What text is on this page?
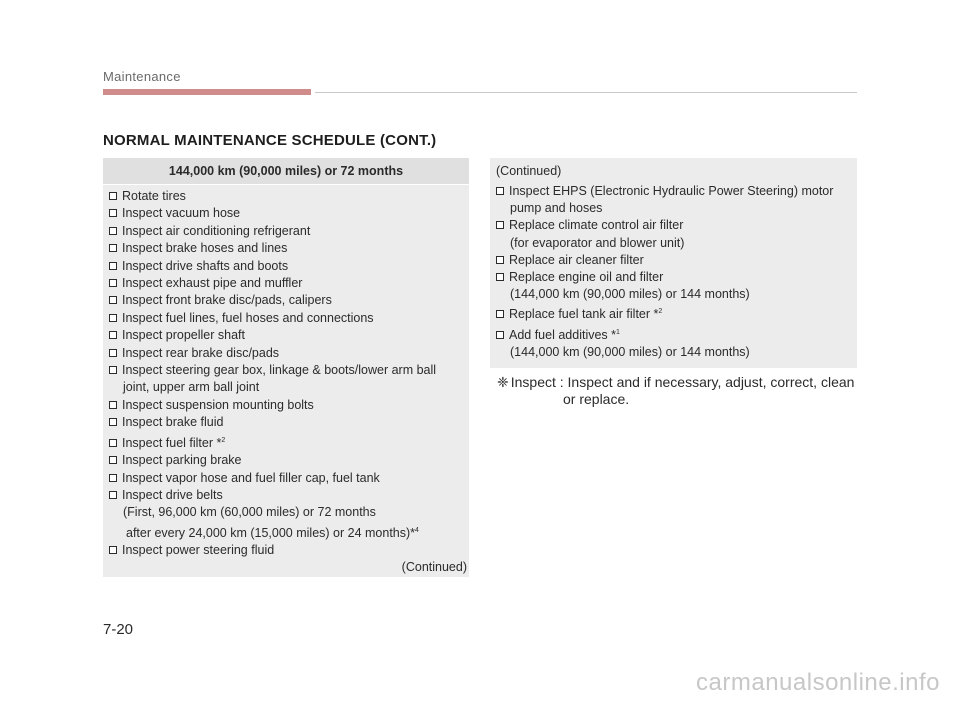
Maintenance
NORMAL MAINTENANCE SCHEDULE (CONT.)
144,000 km (90,000 miles) or 72 months
Rotate tires
Inspect vacuum hose
Inspect air conditioning refrigerant
Inspect brake hoses and lines
Inspect drive shafts and boots
Inspect exhaust pipe and muffler
Inspect front brake disc/pads, calipers
Inspect fuel lines, fuel hoses and connections
Inspect propeller shaft
Inspect rear brake disc/pads
Inspect steering gear box, linkage & boots/lower arm ball
joint, upper arm ball joint
Inspect suspension mounting bolts
Inspect brake fluid
Inspect fuel filter *$^2$
Inspect parking brake
Inspect vapor hose and fuel filler cap, fuel tank
Inspect drive belts
(First, 96,000 km (60,000 miles) or 72 months
after every 24,000 km (15,000 miles) or 24 months)*$^4$
Inspect power steering fluid
(Continued)
(Continued)
Inspect EHPS (Electronic Hydraulic Power Steering) motor
pump and hoses
Replace climate control air filter
(for evaporator and blower unit)
Replace air cleaner filter
Replace engine oil and filter
(144,000 km (90,000 miles) or 144 months)
Replace fuel tank air filter *$^2$
Add fuel additives *$^1$
(144,000 km (90,000 miles) or 144 months)
❈ Inspect : Inspect and if necessary, adjust, correct, clean
or replace.
7-20
carmanualsonline.info
